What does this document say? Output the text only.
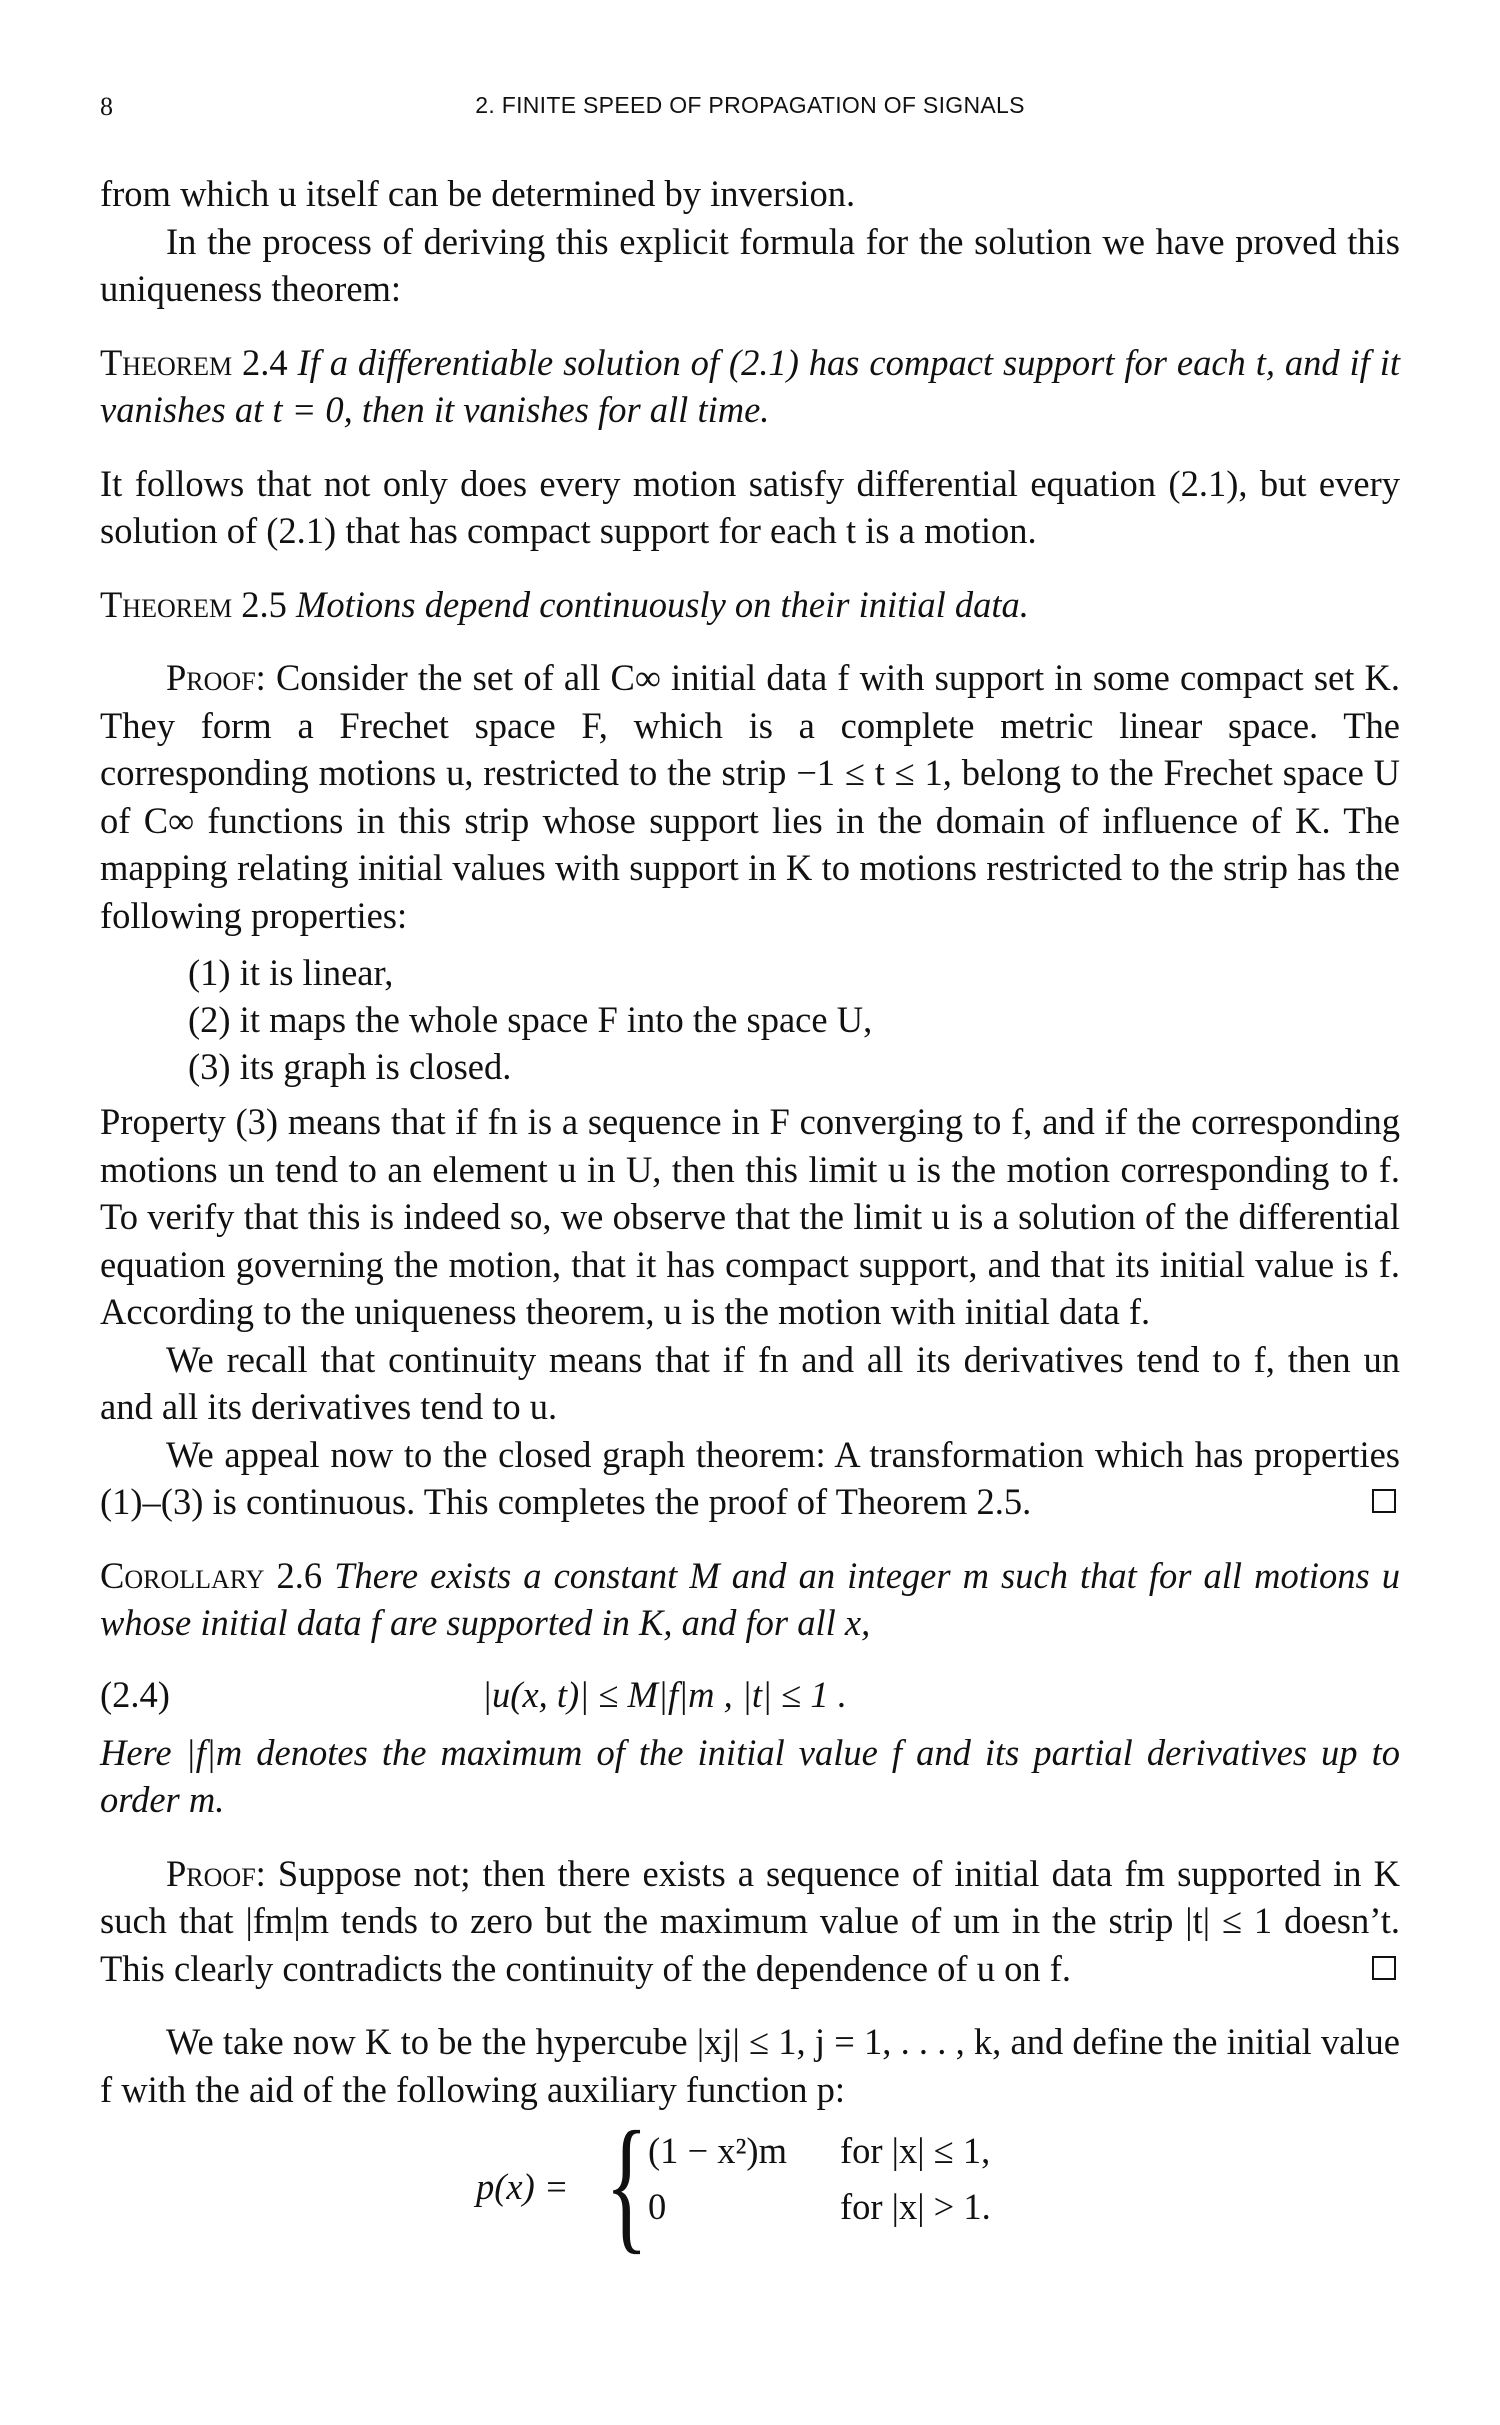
8	2. FINITE SPEED OF PROPAGATION OF SIGNALS

from which u itself can be determined by inversion.

In the process of deriving this explicit formula for the solution we have proved this uniqueness theorem:

Theorem 2.4 If a differentiable solution of (2.1) has compact support for each t, and if it vanishes at t = 0, then it vanishes for all time.

It follows that not only does every motion satisfy differential equation (2.1), but every solution of (2.1) that has compact support for each t is a motion.

Theorem 2.5 Motions depend continuously on their initial data.

Proof: Consider the set of all C∞ initial data f with support in some compact set K. They form a Frechet space F, which is a complete metric linear space. The corresponding motions u, restricted to the strip −1 ≤ t ≤ 1, belong to the Frechet space U of C∞ functions in this strip whose support lies in the domain of influence of K. The mapping relating initial values with support in K to motions restricted to the strip has the following properties:

(1) it is linear,
(2) it maps the whole space F into the space U,
(3) its graph is closed.

Property (3) means that if fn is a sequence in F converging to f, and if the corresponding motions un tend to an element u in U, then this limit u is the motion corresponding to f. To verify that this is indeed so, we observe that the limit u is a solution of the differential equation governing the motion, that it has compact support, and that its initial value is f. According to the uniqueness theorem, u is the motion with initial data f.

We recall that continuity means that if fn and all its derivatives tend to f, then un and all its derivatives tend to u.

We appeal now to the closed graph theorem: A transformation which has properties (1)–(3) is continuous. This completes the proof of Theorem 2.5.

Corollary 2.6 There exists a constant M and an integer m such that for all motions u whose initial data f are supported in K, and for all x,

(2.4)	|u(x, t)| ≤ M|f|m , |t| ≤ 1 .

Here |f|m denotes the maximum of the initial value f and its partial derivatives up to order m.

Proof: Suppose not; then there exists a sequence of initial data fm supported in K such that |fm|m tends to zero but the maximum value of um in the strip |t| ≤ 1 doesn’t. This clearly contradicts the continuity of the dependence of u on f.

We take now K to be the hypercube |xj| ≤ 1, j = 1, . . . , k, and define the initial value f with the aid of the following auxiliary function p:

p(x) = { (1 − x²)m for |x| ≤ 1,
0	for |x| > 1.
